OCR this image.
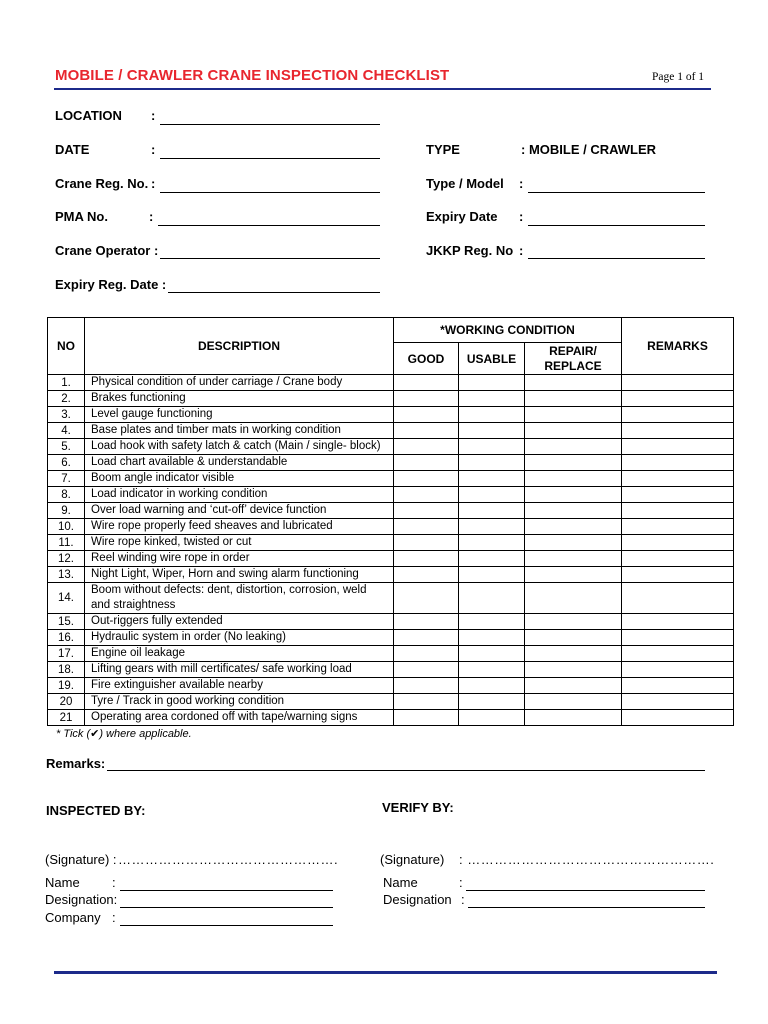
MOBILE / CRAWLER CRANE INSPECTION CHECKLIST	Page 1 of 1
LOCATION :
DATE	:
Crane Reg. No. :
PMA No.	:
Crane Operator :
Expiry Reg. Date :
TYPE	: MOBILE / CRAWLER
Type / Model :
Expiry Date :
JKKP Reg. No :
NO	DESCRIPTION	*WORKING CONDITION			REMARKS
		GOOD	USABLE	REPAIR/
REPLACE	
1.	Physical condition of under carriage / Crane body				
2.	Brakes functioning				
3.	Level gauge functioning				
4.	Base plates and timber mats in working condition				
5.	Load hook with safety latch & catch (Main / single- block)				
6.	Load chart available & understandable				
7.	Boom angle indicator visible				
8.	Load indicator in working condition				
9.	Over load warning and ‘cut-off’ device function				
10.	Wire rope properly feed sheaves and lubricated				
11.	Wire rope kinked, twisted or cut				
12.	Reel winding wire rope in order				
13.	Night Light, Wiper, Horn and swing alarm functioning				
14.	Boom without defects: dent, distortion, corrosion, weld
and straightness				
15.	Out-riggers fully extended				
16.	Hydraulic system in order (No leaking)				
17.	Engine oil leakage				
18.	Lifting gears with mill certificates/ safe working load				
19.	Fire extinguisher available nearby				
20	Tyre / Track in good working condition				
21	Operating area cordoned off with tape/warning signs				
* Tick (✔) where applicable.
Remarks:
INSPECTED BY:
(Signature) : ………………………………………….
Name :
Designation:
Company :
VERIFY BY:
(Signature) : ……………………………………………….
Name	:
Designation :
